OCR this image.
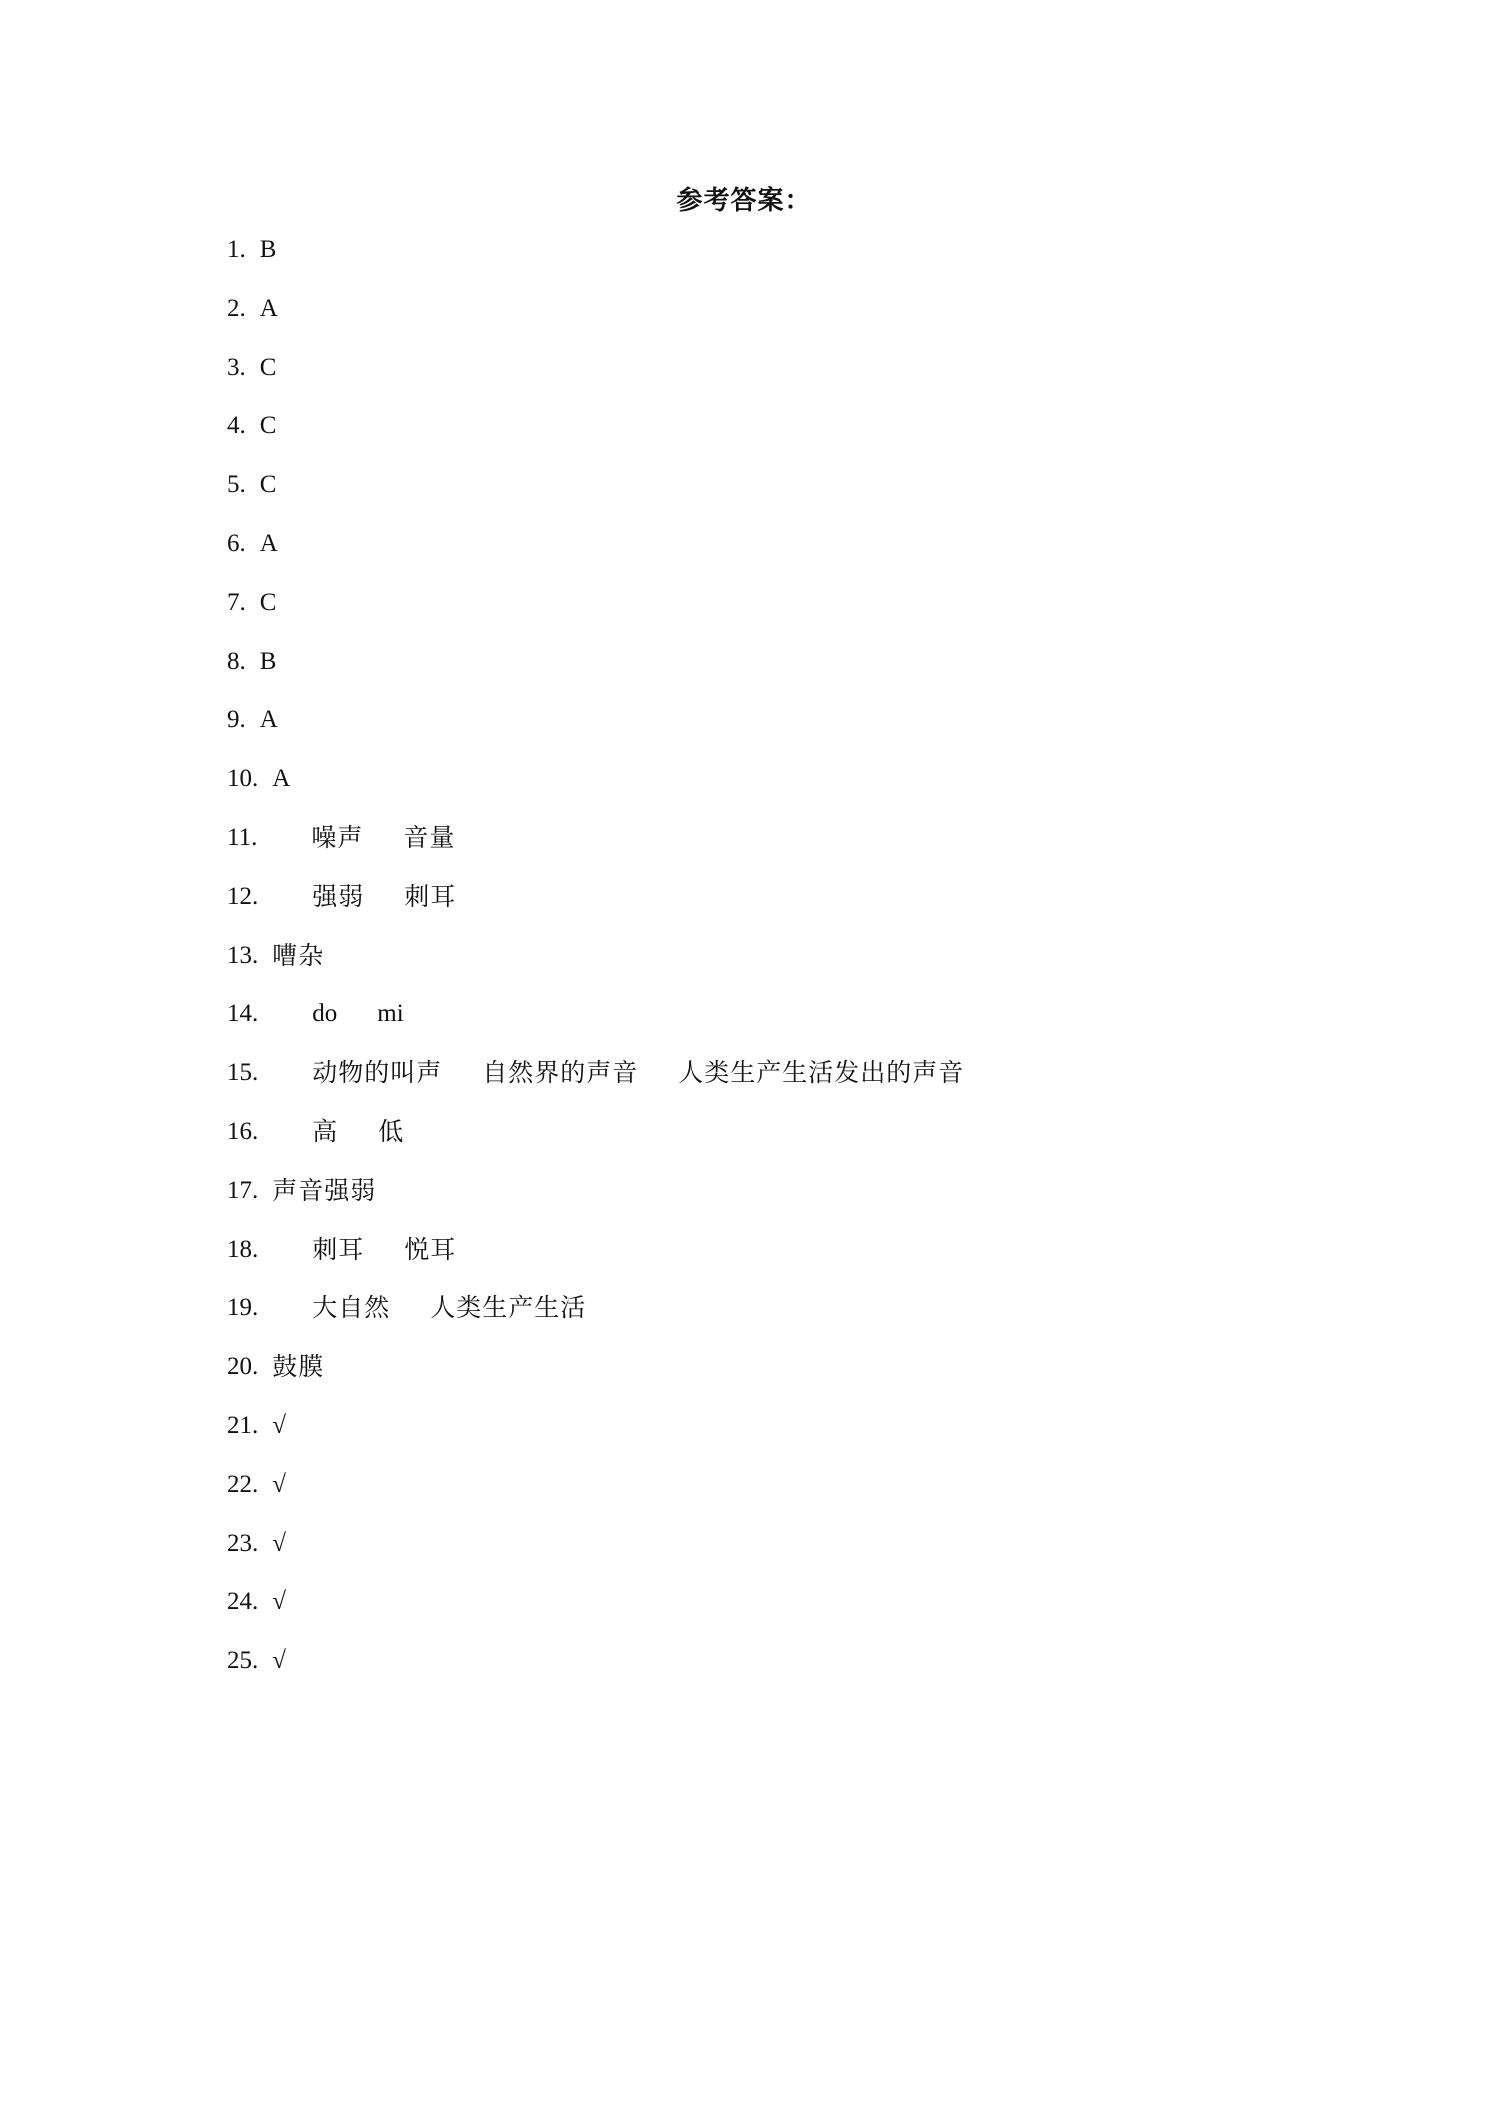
参考答案：
1. B
2. A
3. C
4. C
5. C
6. A
7. C
8. B
9. A
10. A
11. 噪声 音量
12. 强弱 刺耳
13. 嘈杂
14. do mi
15. 动物的叫声 自然界的声音 人类生产生活发出的声音
16. 高 低
17. 声音强弱
18. 刺耳 悦耳
19. 大自然 人类生产生活
20. 鼓膜
21. √
22. √
23. √
24. √
25. √
